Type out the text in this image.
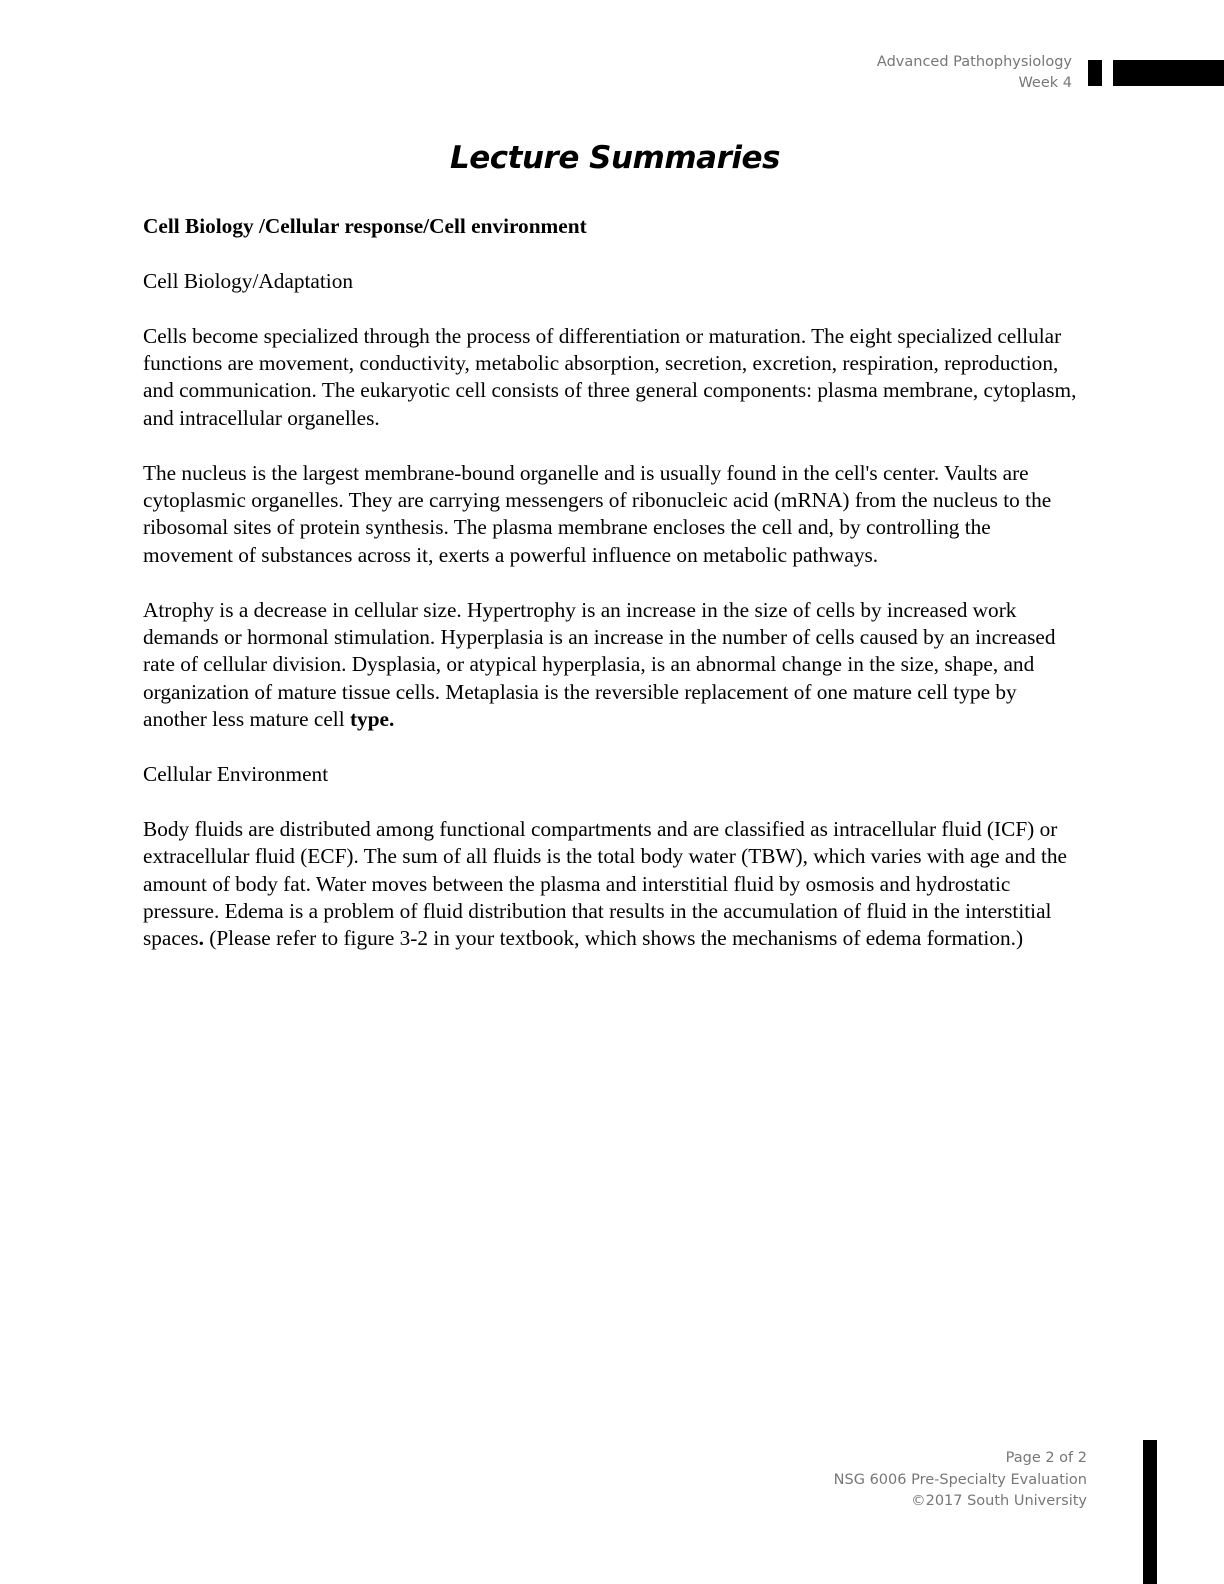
Advanced Pathophysiology
Week 4
Lecture Summaries

Cell Biology /Cellular response/Cell environment

Cell Biology/Adaptation

Cells become specialized through the process of differentiation or maturation. The eight specialized cellular functions are movement, conductivity, metabolic absorption, secretion, excretion, respiration, reproduction, and communication. The eukaryotic cell consists of three general components: plasma membrane, cytoplasm, and intracellular organelles.

The nucleus is the largest membrane-bound organelle and is usually found in the cell's center. Vaults are cytoplasmic organelles. They are carrying messengers of ribonucleic acid (mRNA) from the nucleus to the ribosomal sites of protein synthesis. The plasma membrane encloses the cell and, by controlling the movement of substances across it, exerts a powerful influence on metabolic pathways.

Atrophy is a decrease in cellular size. Hypertrophy is an increase in the size of cells by increased work demands or hormonal stimulation. Hyperplasia is an increase in the number of cells caused by an increased rate of cellular division. Dysplasia, or atypical hyperplasia, is an abnormal change in the size, shape, and organization of mature tissue cells. Metaplasia is the reversible replacement of one mature cell type by another less mature cell type.

Cellular Environment

Body fluids are distributed among functional compartments and are classified as intracellular fluid (ICF) or extracellular fluid (ECF). The sum of all fluids is the total body water (TBW), which varies with age and the amount of body fat. Water moves between the plasma and interstitial fluid by osmosis and hydrostatic pressure. Edema is a problem of fluid distribution that results in the accumulation of fluid in the interstitial spaces. (Please refer to figure 3-2 in your textbook, which shows the mechanisms of edema formation.)

Page 2 of 2
NSG 6006 Pre-Specialty Evaluation
©2017 South University
